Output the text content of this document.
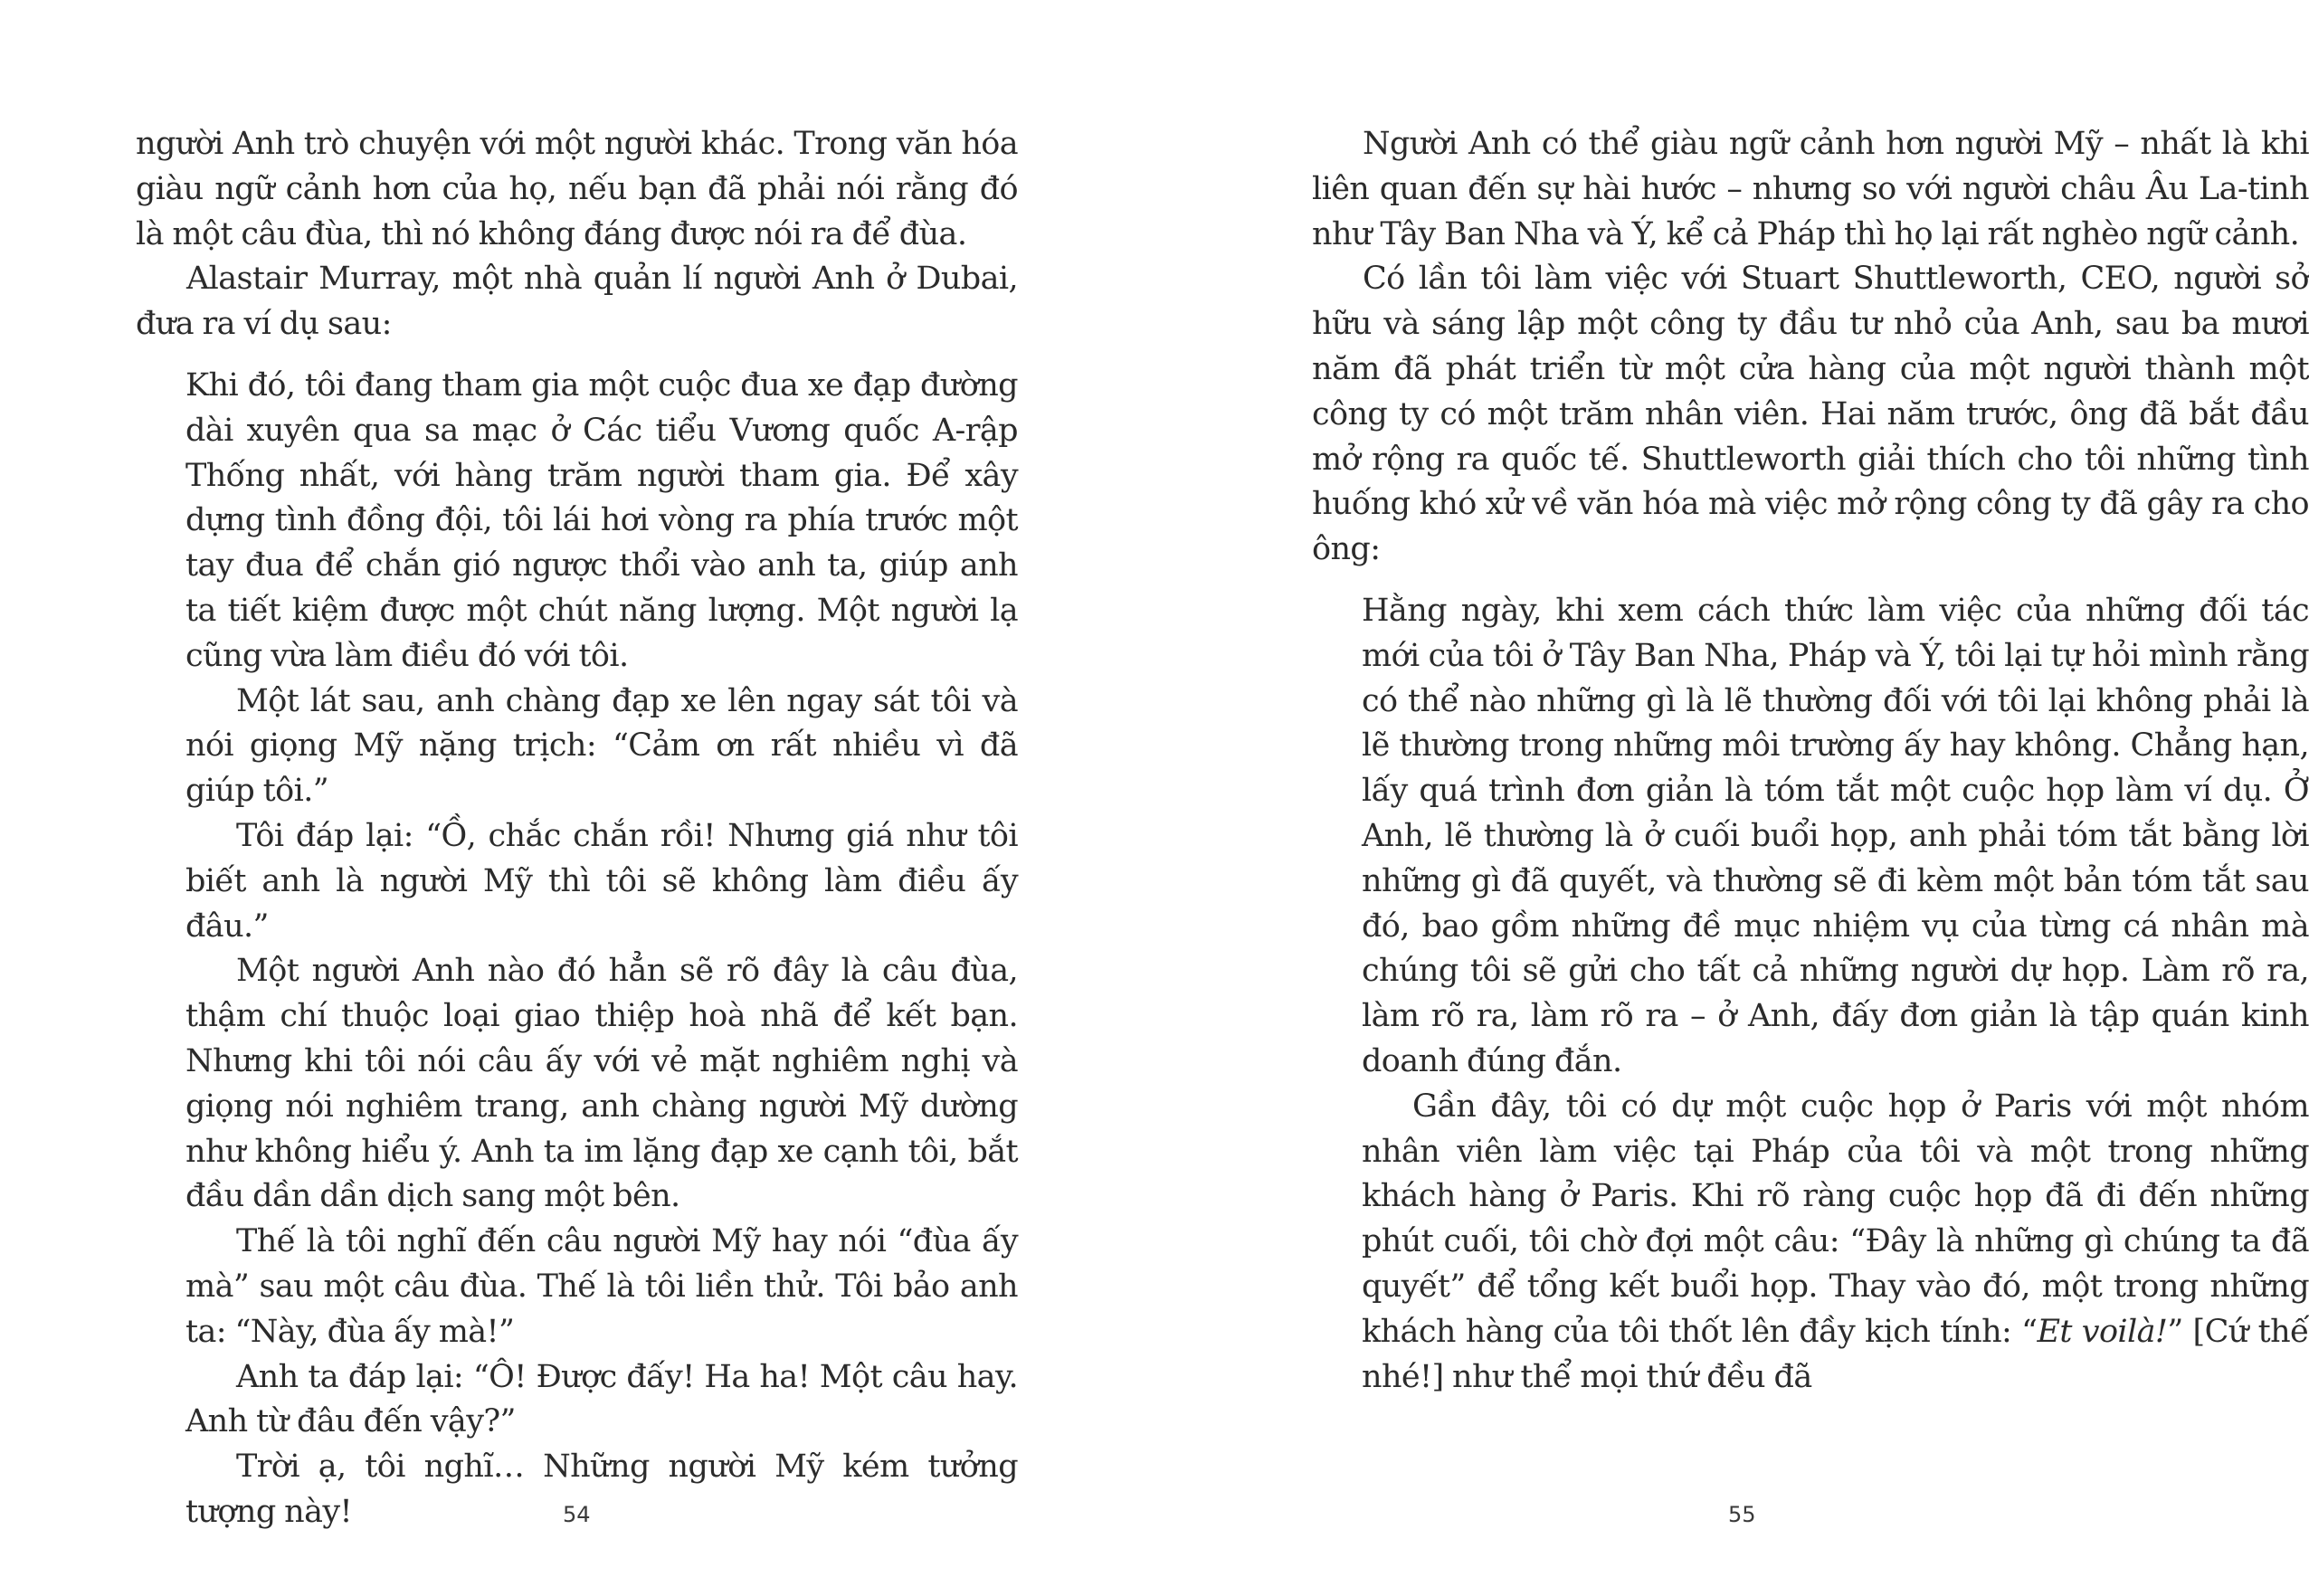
người Anh trò chuyện với một người khác. Trong văn hóa giàu ngữ cảnh hơn của họ, nếu bạn đã phải nói rằng đó là một câu đùa, thì nó không đáng được nói ra để đùa.

Alastair Murray, một nhà quản lí người Anh ở Dubai, đưa ra ví dụ sau:

Khi đó, tôi đang tham gia một cuộc đua xe đạp đường dài xuyên qua sa mạc ở Các tiểu Vương quốc A-rập Thống nhất, với hàng trăm người tham gia. Để xây dựng tình đồng đội, tôi lái hơi vòng ra phía trước một tay đua để chắn gió ngược thổi vào anh ta, giúp anh ta tiết kiệm được một chút năng lượng. Một người lạ cũng vừa làm điều đó với tôi.

Một lát sau, anh chàng đạp xe lên ngay sát tôi và nói giọng Mỹ nặng trịch: “Cảm ơn rất nhiều vì đã giúp tôi.”

Tôi đáp lại: “Ồ, chắc chắn rồi! Nhưng giá như tôi biết anh là người Mỹ thì tôi sẽ không làm điều ấy đâu.”

Một người Anh nào đó hẳn sẽ rõ đây là câu đùa, thậm chí thuộc loại giao thiệp hoà nhã để kết bạn. Nhưng khi tôi nói câu ấy với vẻ mặt nghiêm nghị và giọng nói nghiêm trang, anh chàng người Mỹ dường như không hiểu ý. Anh ta im lặng đạp xe cạnh tôi, bắt đầu dần dần dịch sang một bên.

Thế là tôi nghĩ đến câu người Mỹ hay nói “đùa ấy mà” sau một câu đùa. Thế là tôi liền thử. Tôi bảo anh ta: “Này, đùa ấy mà!”

Anh ta đáp lại: “Ô! Được đấy! Ha ha! Một câu hay. Anh từ đâu đến vậy?”

Trời ạ, tôi nghĩ… Những người Mỹ kém tưởng tượng này!	54

Người Anh có thể giàu ngữ cảnh hơn người Mỹ – nhất là khi liên quan đến sự hài hước – nhưng so với người châu Âu La-tinh như Tây Ban Nha và Ý, kể cả Pháp thì họ lại rất nghèo ngữ cảnh.

Có lần tôi làm việc với Stuart Shuttleworth, CEO, người sở hữu và sáng lập một công ty đầu tư nhỏ của Anh, sau ba mươi năm đã phát triển từ một cửa hàng của một người thành một công ty có một trăm nhân viên. Hai năm trước, ông đã bắt đầu mở rộng ra quốc tế. Shuttleworth giải thích cho tôi những tình huống khó xử về văn hóa mà việc mở rộng công ty đã gây ra cho ông:

Hằng ngày, khi xem cách thức làm việc của những đối tác mới của tôi ở Tây Ban Nha, Pháp và Ý, tôi lại tự hỏi mình rằng có thể nào những gì là lẽ thường đối với tôi lại không phải là lẽ thường trong những môi trường ấy hay không. Chẳng hạn, lấy quá trình đơn giản là tóm tắt một cuộc họp làm ví dụ. Ở Anh, lẽ thường là ở cuối buổi họp, anh phải tóm tắt bằng lời những gì đã quyết, và thường sẽ đi kèm một bản tóm tắt sau đó, bao gồm những đề mục nhiệm vụ của từng cá nhân mà chúng tôi sẽ gửi cho tất cả những người dự họp. Làm rõ ra, làm rõ ra, làm rõ ra – ở Anh, đấy đơn giản là tập quán kinh doanh đúng đắn.

Gần đây, tôi có dự một cuộc họp ở Paris với một nhóm nhân viên làm việc tại Pháp của tôi và một trong những khách hàng ở Paris. Khi rõ ràng cuộc họp đã đi đến những phút cuối, tôi chờ đợi một câu: “Đây là những gì chúng ta đã quyết” để tổng kết buổi họp. Thay vào đó, một trong những khách hàng của tôi thốt lên đầy kịch tính: “Et voilà!” [Cứ thế nhé!] như thể mọi thứ đều đã

55
